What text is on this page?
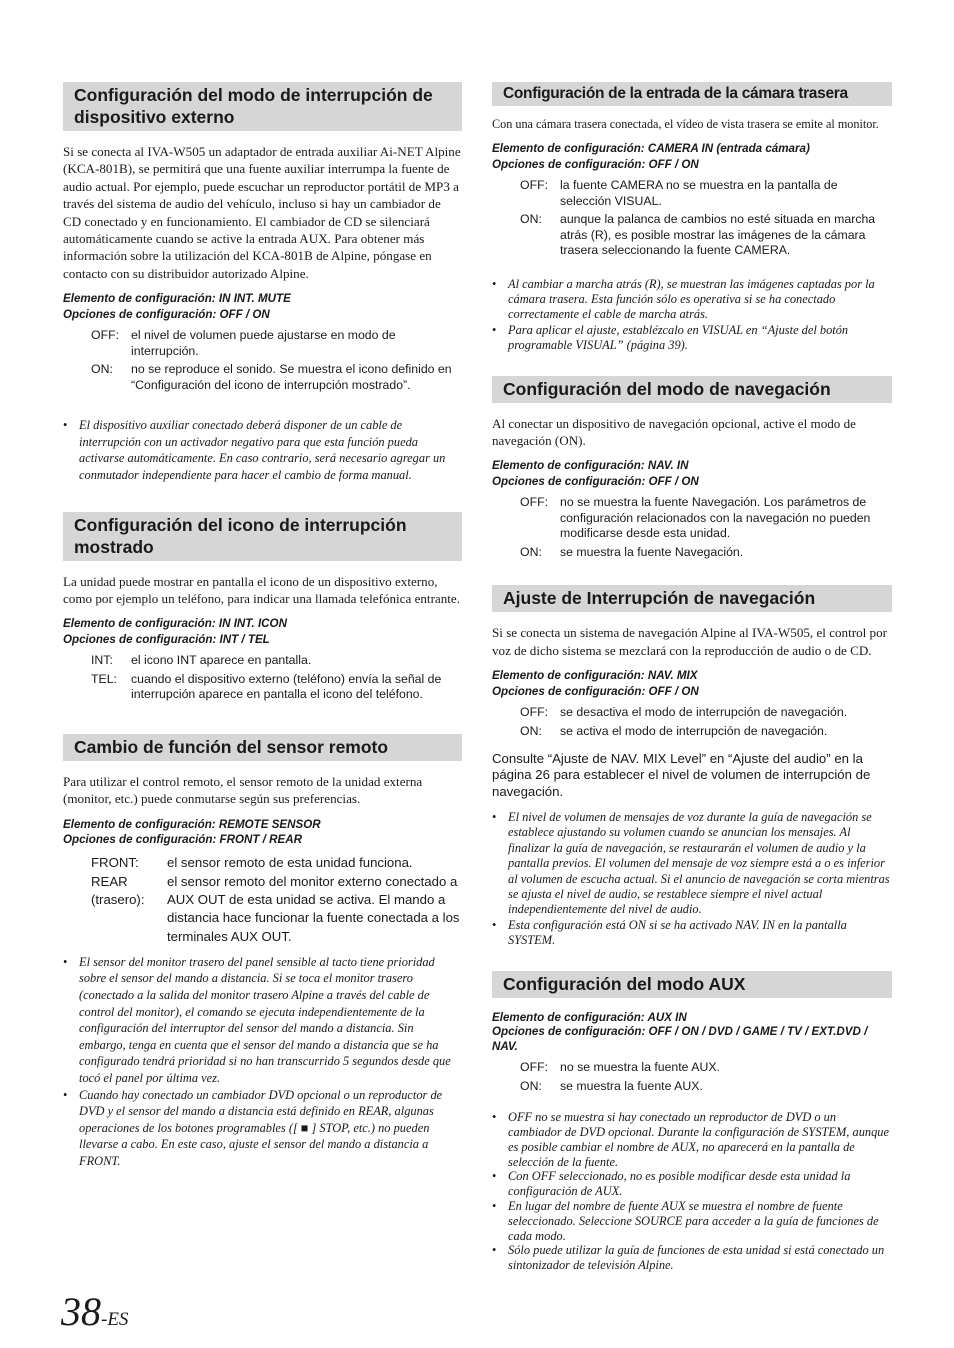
Configuración del modo de interrupción de dispositivo externo
Si se conecta al IVA-W505 un adaptador de entrada auxiliar Ai-NET Alpine (KCA-801B), se permitirá que una fuente auxiliar interrumpa la fuente de audio actual. Por ejemplo, puede escuchar un reproductor portátil de MP3 a través del sistema de audio del vehículo, incluso si hay un cambiador de CD conectado y en funcionamiento. El cambiador de CD se silenciará automáticamente cuando se active la entrada AUX. Para obtener más información sobre la utilización del KCA-801B de Alpine, póngase en contacto con su distribuidor autorizado Alpine.
Elemento de configuración: IN INT. MUTE
Opciones de configuración: OFF / ON
OFF: el nivel de volumen puede ajustarse en modo de interrupción.
ON:	no se reproduce el sonido. Se muestra el icono definido en “Configuración del icono de interrupción mostrado”.
• El dispositivo auxiliar conectado deberá disponer de un cable de interrupción con un activador negativo para que esta función pueda activarse automáticamente. En caso contrario, será necesario agregar un conmutador independiente para hacer el cambio de forma manual.
Configuración del icono de interrupción mostrado
La unidad puede mostrar en pantalla el icono de un dispositivo externo, como por ejemplo un teléfono, para indicar una llamada telefónica entrante.
Elemento de configuración: IN INT. ICON
Opciones de configuración: INT / TEL
INT:	el icono INT aparece en pantalla.
TEL:	cuando el dispositivo externo (teléfono) envía la señal de interrupción aparece en pantalla el icono del teléfono.
Cambio de función del sensor remoto
Para utilizar el control remoto, el sensor remoto de la unidad externa (monitor, etc.) puede conmutarse según sus preferencias.
Elemento de configuración: REMOTE SENSOR
Opciones de configuración: FRONT / REAR
FRONT:	el sensor remoto de esta unidad funciona.
REAR (trasero):
el sensor remoto del monitor externo conectado a AUX OUT de esta unidad se activa. El mando a distancia hace funcionar la fuente conectada a los terminales AUX OUT.
• El sensor del monitor trasero del panel sensible al tacto tiene prioridad sobre el sensor del mando a distancia. Si se toca el monitor trasero (conectado a la salida del monitor trasero Alpine a través del cable de control del monitor), el comando se ejecuta independientemente de la configuración del interruptor del sensor del mando a distancia. Sin embargo, tenga en cuenta que el sensor del mando a distancia que se ha configurado tendrá prioridad si no han transcurrido 5 segundos desde que tocó el panel por última vez.
• Cuando hay conectado un cambiador DVD opcional o un reproductor de DVD y el sensor del mando a distancia está definido en REAR, algunas operaciones de los botones programables ([ ■ ] STOP, etc.) no pueden llevarse a cabo. En este caso, ajuste el sensor del mando a distancia a FRONT.
Configuración de la entrada de la cámara trasera
Con una cámara trasera conectada, el vídeo de vista trasera se emite al monitor.
Elemento de configuración: CAMERA IN (entrada cámara)
Opciones de configuración: OFF / ON
OFF: la fuente CAMERA no se muestra en la pantalla de selección VISUAL.
ON:	aunque la palanca de cambios no esté situada en marcha atrás (R), es posible mostrar las imágenes de la cámara trasera seleccionando la fuente CAMERA.
• Al cambiar a marcha atrás (R), se muestran las imágenes captadas por la cámara trasera. Esta función sólo es operativa si se ha conectado correctamente el cable de marcha atrás.
• Para aplicar el ajuste, establézcalo en VISUAL en “Ajuste del botón programable VISUAL” (página 39).
Configuración del modo de navegación
Al conectar un dispositivo de navegación opcional, active el modo de navegación (ON).
Elemento de configuración: NAV. IN
Opciones de configuración: OFF / ON
OFF: no se muestra la fuente Navegación. Los parámetros de configuración relacionados con la navegación no pueden modificarse desde esta unidad.
ON:	se muestra la fuente Navegación.
Ajuste de Interrupción de navegación
Si se conecta un sistema de navegación Alpine al IVA-W505, el control por voz de dicho sistema se mezclará con la reproducción de audio o de CD.
Elemento de configuración: NAV. MIX
Opciones de configuración: OFF / ON
OFF: se desactiva el modo de interrupción de navegación.
ON:	se activa el modo de interrupción de navegación.
Consulte “Ajuste de NAV. MIX Level” en “Ajuste del audio” en la página 26 para establecer el nivel de volumen de interrupción de navegación.
• El nivel de volumen de mensajes de voz durante la guía de navegación se establece ajustando su volumen cuando se anuncian los mensajes. Al finalizar la guía de navegación, se restaurarán el volumen de audio y la pantalla previos. El volumen del mensaje de voz siempre está a o es inferior al volumen de escucha actual. Si el anuncio de navegación se corta mientras se ajusta el nivel de audio, se restablece siempre el nivel actual independientemente del nivel de audio.
• Esta configuración está ON si se ha activado NAV. IN en la pantalla SYSTEM.
Configuración del modo AUX
Elemento de configuración: AUX IN
Opciones de configuración: OFF / ON / DVD / GAME / TV / EXT.DVD / NAV.
OFF: no se muestra la fuente AUX.
ON:	se muestra la fuente AUX.
• OFF no se muestra si hay conectado un reproductor de DVD o un cambiador de DVD opcional. Durante la configuración de SYSTEM, aunque es posible cambiar el nombre de AUX, no aparecerá en la pantalla de selección de la fuente.
• Con OFF seleccionado, no es posible modificar desde esta unidad la configuración de AUX.
• En lugar del nombre de fuente AUX se muestra el nombre de fuente seleccionado. Seleccione SOURCE para acceder a la guía de funciones de cada modo.
• Sólo puede utilizar la guía de funciones de esta unidad si está conectado un sintonizador de televisión Alpine.
38-ES
